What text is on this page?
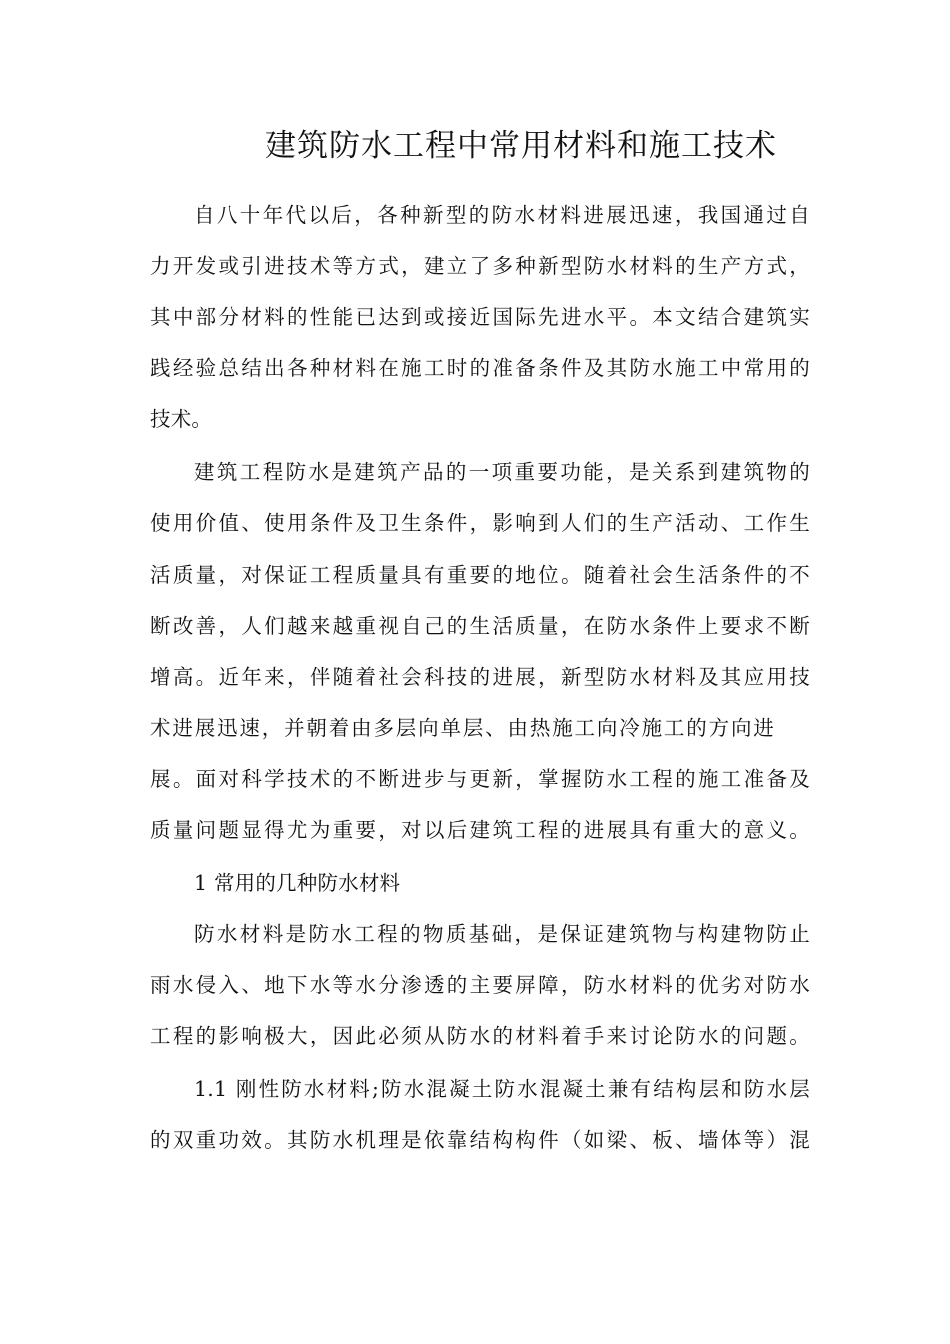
建筑防水工程中常用材料和施工技术
自八十年代以后，各种新型的防水材料进展迅速，我国通过自
力开发或引进技术等方式，建立了多种新型防水材料的生产方式，
其中部分材料的性能已达到或接近国际先进水平。本文结合建筑实
践经验总结出各种材料在施工时的准备条件及其防水施工中常用的
技术。
建筑工程防水是建筑产品的一项重要功能，是关系到建筑物的
使用价值、使用条件及卫生条件，影响到人们的生产活动、工作生
活质量，对保证工程质量具有重要的地位。随着社会生活条件的不
断改善，人们越来越重视自己的生活质量，在防水条件上要求不断
增高。近年来，伴随着社会科技的进展，新型防水材料及其应用技
术进展迅速，并朝着由多层向单层、由热施工向冷施工的方向进
展。面对科学技术的不断进步与更新，掌握防水工程的施工准备及
质量问题显得尤为重要，对以后建筑工程的进展具有重大的意义。
1 常用的几种防水材料
防水材料是防水工程的物质基础，是保证建筑物与构建物防止
雨水侵入、地下水等水分渗透的主要屏障，防水材料的优劣对防水
工程的影响极大，因此必须从防水的材料着手来讨论防水的问题。
1.1 刚性防水材料;防水混凝土防水混凝土兼有结构层和防水层
的双重功效。其防水机理是依靠结构构件（如梁、板、墙体等）混
